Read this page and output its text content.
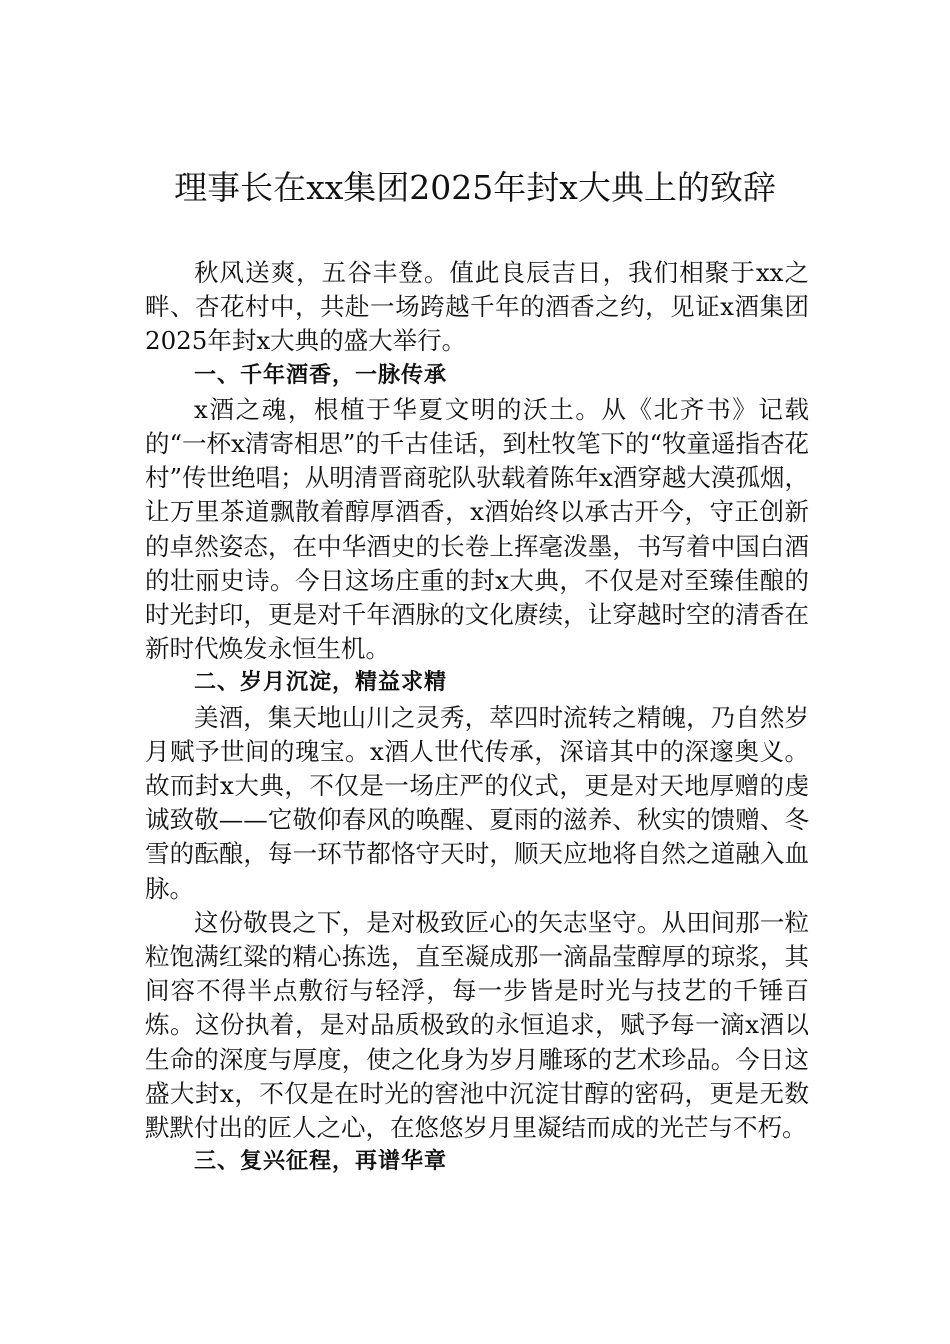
理事长在xx集团2025年封x大典上的致辞

秋风送爽，五谷丰登。值此良辰吉日，我们相聚于xx之畔、杏花村中，共赴一场跨越千年的酒香之约，见证x酒集团2025年封x大典的盛大举行。

一、千年酒香，一脉传承

x酒之魂，根植于华夏文明的沃土。从《北齐书》记载的“一杯x清寄相思”的千古佳话，到杜牧笔下的“牧童遥指杏花村”传世绝唱；从明清晋商驼队驮载着陈年x酒穿越大漠孤烟，让万里茶道飘散着醇厚酒香，x酒始终以承古开今，守正创新的卓然姿态，在中华酒史的长卷上挥毫泼墨，书写着中国白酒的壮丽史诗。今日这场庄重的封x大典，不仅是对至臻佳酿的时光封印，更是对千年酒脉的文化赓续，让穿越时空的清香在新时代焕发永恒生机。

二、岁月沉淀，精益求精

美酒，集天地山川之灵秀，萃四时流转之精魄，乃自然岁月赋予世间的瑰宝。x酒人世代传承，深谙其中的深邃奥义。故而封x大典，不仅是一场庄严的仪式，更是对天地厚赠的虔诚致敬——它敬仰春风的唤醒、夏雨的滋养、秋实的馈赠、冬雪的酝酿，每一环节都恪守天时，顺天应地将自然之道融入血脉。

这份敬畏之下，是对极致匠心的矢志坚守。从田间那一粒粒饱满红粱的精心拣选，直至凝成那一滴晶莹醇厚的琼浆，其间容不得半点敷衍与轻浮，每一步皆是时光与技艺的千锤百炼。这份执着，是对品质极致的永恒追求，赋予每一滴x酒以生命的深度与厚度，使之化身为岁月雕琢的艺术珍品。今日这盛大封x，不仅是在时光的窖池中沉淀甘醇的密码，更是无数默默付出的匠人之心，在悠悠岁月里凝结而成的光芒与不朽。

三、复兴征程，再谱华章
